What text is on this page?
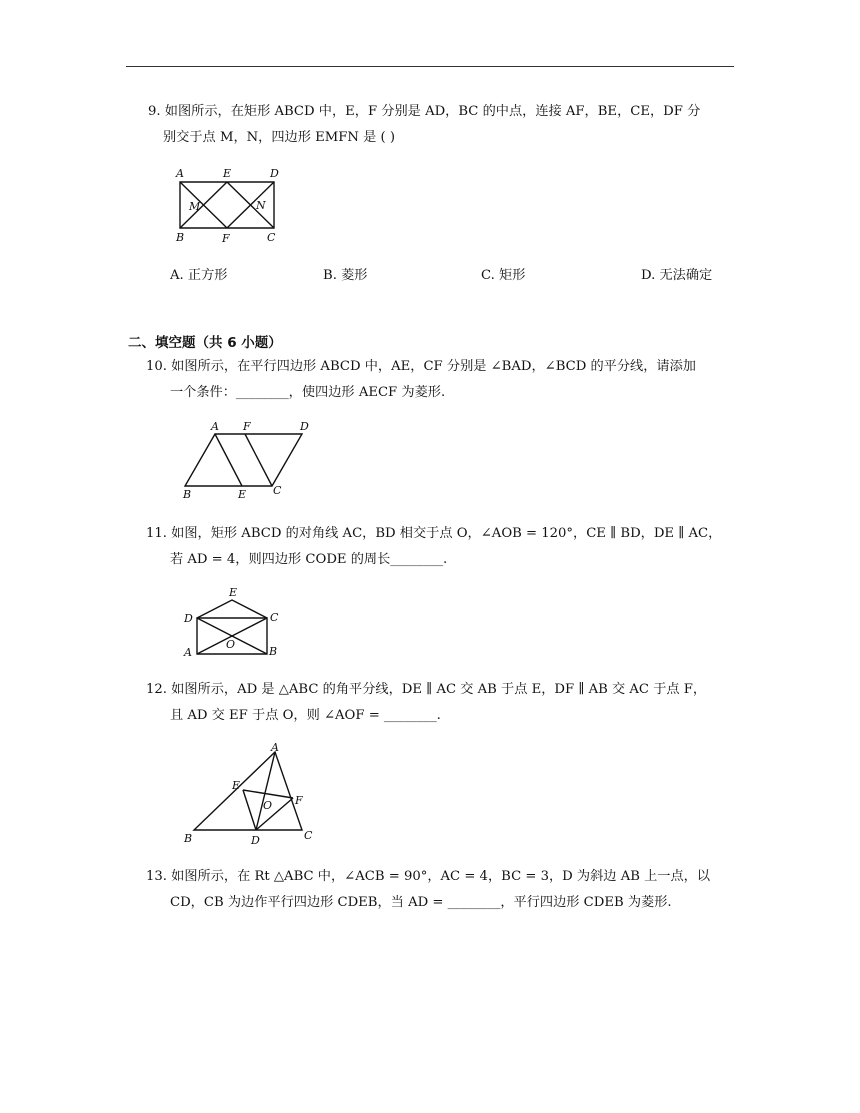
9. 如图所示，在矩形 ABCD 中，E，F 分别是 AD，BC 的中点，连接 AF，BE，CE，DF 分
别交于点 M，N，四边形 EMFN 是 ( )
A	E	D
M	N
B	F	C
A. 正方形	B. 菱形	C. 矩形	D. 无法确定
二、填空题（共 6 小题）
10. 如图所示，在平行四边形 ABCD 中，AE，CF 分别是 ∠BAD，∠BCD 的平分线，请添加
一个条件：________，使四边形 AECF 为菱形.
A F	D
B	E C
11. 如图，矩形 ABCD 的对角线 AC，BD 相交于点 O，∠AOB = 120°，CE ∥ BD，DE ∥ AC，
若 AD = 4，则四边形 CODE 的周长________.
E
D	C
O
A	B
12. 如图所示，AD 是 △ABC 的角平分线，DE ∥ AC 交 AB 于点 E，DF ∥ AB 交 AC 于点 F，
且 AD 交 EF 于点 O，则 ∠AOF = ________.
A
E
O F
B	D	C
13. 如图所示，在 Rt △ABC 中，∠ACB = 90°，AC = 4，BC = 3，D 为斜边 AB 上一点，以
CD，CB 为边作平行四边形 CDEB，当 AD = ________，平行四边形 CDEB 为菱形.
